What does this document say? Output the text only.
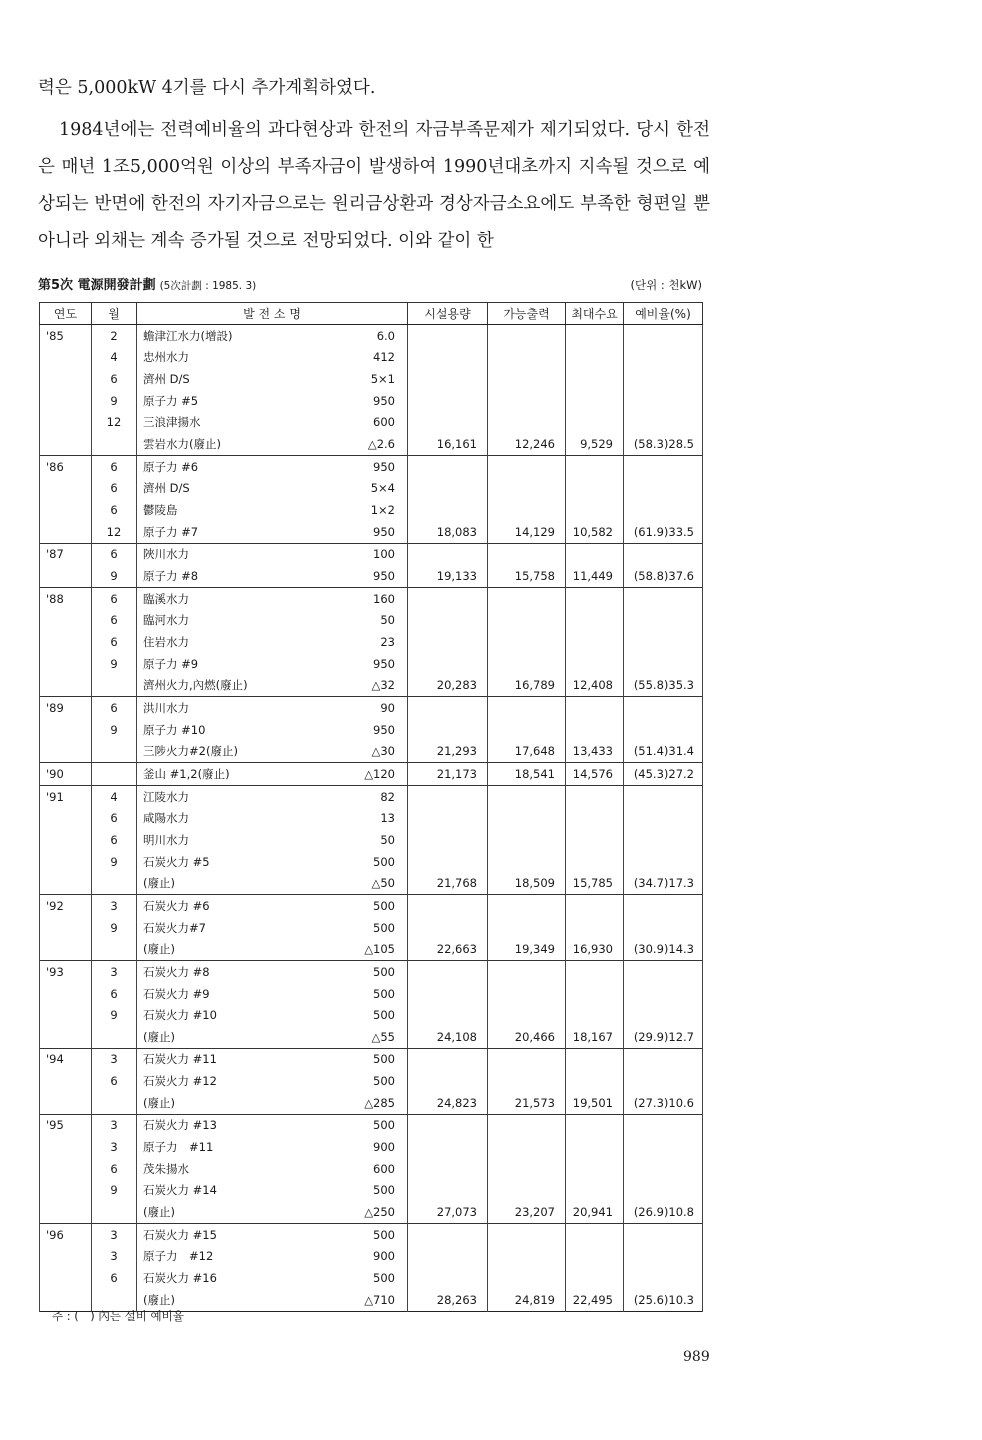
력은 5,000kW 4기를 다시 추가계획하였다.

1984년에는 전력예비율의 과다현상과 한전의 자금부족문제가 제기되었다. 당시 한전은 매년 1조5,000억원 이상의 부족자금이 발생하여 1990년대초까지 지속될 것으로 예상되는 반면에 한전의 자기자금으로는 원리금상환과 경상자금소요에도 부족한 형편일 뿐 아니라 외채는 계속 증가될 것으로 전망되었다. 이와 같이 한

第5次 電源開發計劃 (5次計劃 : 1985. 3)	(단위 : 천kW)
연도	월	발 전 소 명		시설용량	가능출력	최대수요	예비율(%)
'85	2	蟾津江水力(增設)	6.0				
	4	忠州水力	412				
	6	濟州 D/S	5×1				
	9	原子力 #5	950				
	12	三浪津揚水	600				
		雲岩水力(廢止)	△2.6	16,161	12,246	9,529	(58.3)28.5
'86	6	原子力 #6	950				
	6	濟州 D/S	5×4				
	6	鬱陵島	1×2				
	12	原子力 #7	950	18,083	14,129	10,582	(61.9)33.5
'87	6	陜川水力	100				
	9	原子力 #8	950	19,133	15,758	11,449	(58.8)37.6
'88	6	臨溪水力	160				
	6	臨河水力	50				
	6	住岩水力	23				
	9	原子力 #9	950				
		濟州火力,內燃(廢止)	△32	20,283	16,789	12,408	(55.8)35.3
'89	6	洪川水力	90				
	9	原子力 #10	950				
		三陟火力#2(廢止)	△30	21,293	17,648	13,433	(51.4)31.4
'90		釜山 #1,2(廢止)	△120	21,173	18,541	14,576	(45.3)27.2
'91	4	江陵水力	82				
	6	咸陽水力	13				
	6	明川水力	50				
	9	石炭火力 #5	500				
		(廢止)	△50	21,768	18,509	15,785	(34.7)17.3
'92	3	石炭火力 #6	500				
	9	石炭火力#7	500				
		(廢止)	△105	22,663	19,349	16,930	(30.9)14.3
'93	3	石炭火力 #8	500				
	6	石炭火力 #9	500				
	9	石炭火力 #10	500				
		(廢止)	△55	24,108	20,466	18,167	(29.9)12.7
'94	3	石炭火力 #11	500				
	6	石炭火力 #12	500				
		(廢止)	△285	24,823	21,573	19,501	(27.3)10.6
'95	3	石炭火力 #13	500				
	3	原子力　#11	900				
	6	茂朱揚水	600				
	9	石炭火力 #14	500				
		(廢止)	△250	27,073	23,207	20,941	(26.9)10.8
'96	3	石炭火力 #15	500				
	3	原子力　#12	900				
	6	石炭火力 #16	500				
		(廢止)	△710	28,263	24,819	22,495	(25.6)10.3
주 : (　) 內는 설비 예비율
989
